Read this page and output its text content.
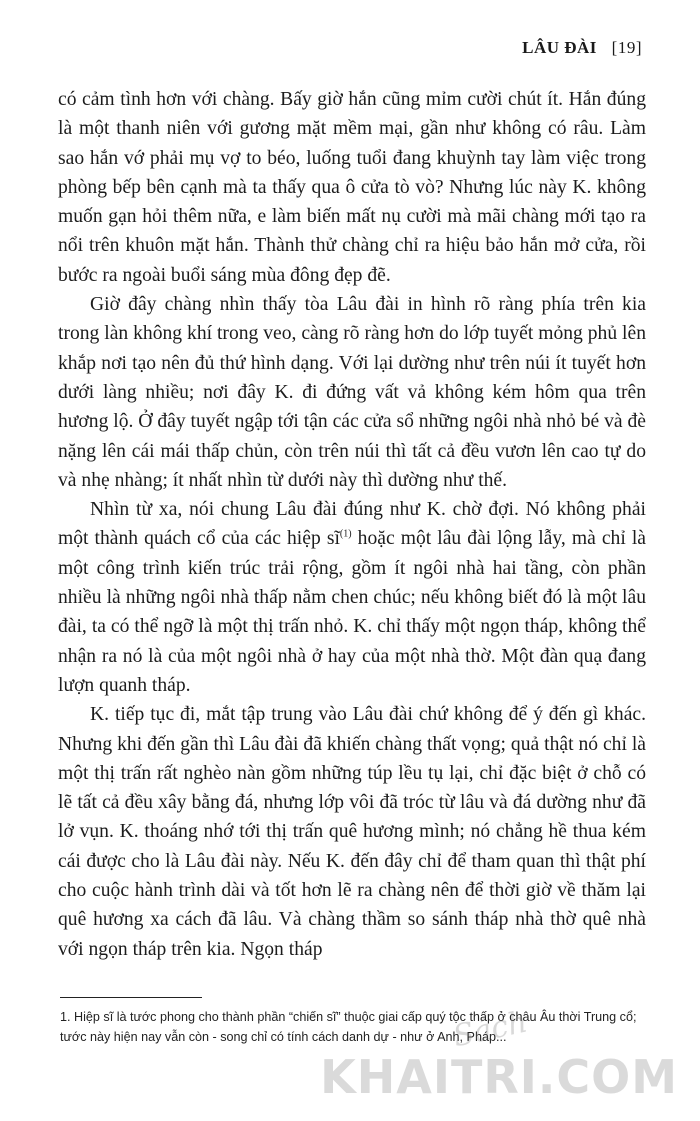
LÂU ĐÀI [19]

có cảm tình hơn với chàng. Bấy giờ hắn cũng mỉm cười chút ít. Hắn đúng là một thanh niên với gương mặt mềm mại, gần như không có râu. Làm sao hắn vớ phải mụ vợ to béo, luống tuổi đang khuỳnh tay làm việc trong phòng bếp bên cạnh mà ta thấy qua ô cửa tò vò? Nhưng lúc này K. không muốn gạn hỏi thêm nữa, e làm biến mất nụ cười mà mãi chàng mới tạo ra nổi trên khuôn mặt hắn. Thành thử chàng chỉ ra hiệu bảo hắn mở cửa, rồi bước ra ngoài buổi sáng mùa đông đẹp đẽ.

Giờ đây chàng nhìn thấy tòa Lâu đài in hình rõ ràng phía trên kia trong làn không khí trong veo, càng rõ ràng hơn do lớp tuyết mỏng phủ lên khắp nơi tạo nên đủ thứ hình dạng. Với lại dường như trên núi ít tuyết hơn dưới làng nhiều; nơi đây K. đi đứng vất vả không kém hôm qua trên hương lộ. Ở đây tuyết ngập tới tận các cửa sổ những ngôi nhà nhỏ bé và đè nặng lên cái mái thấp chủn, còn trên núi thì tất cả đều vươn lên cao tự do và nhẹ nhàng; ít nhất nhìn từ dưới này thì dường như thế.

Nhìn từ xa, nói chung Lâu đài đúng như K. chờ đợi. Nó không phải một thành quách cổ của các hiệp $sĩ^{(1)}$ hoặc một lâu đài lộng lẫy, mà chỉ là một công trình kiến trúc trải rộng, gồm ít ngôi nhà hai tầng, còn phần nhiều là những ngôi nhà thấp nằm chen chúc; nếu không biết đó là một lâu đài, ta có thể ngỡ là một thị trấn nhỏ. K. chỉ thấy một ngọn tháp, không thể nhận ra nó là của một ngôi nhà ở hay của một nhà thờ. Một đàn quạ đang lượn quanh tháp.

K. tiếp tục đi, mắt tập trung vào Lâu đài chứ không để ý đến gì khác. Nhưng khi đến gần thì Lâu đài đã khiến chàng thất vọng; quả thật nó chỉ là một thị trấn rất nghèo nàn gồm những túp lều tụ lại, chỉ đặc biệt ở chỗ có lẽ tất cả đều xây bằng đá, nhưng lớp vôi đã tróc từ lâu và đá dường như đã lở vụn. K. thoáng nhớ tới thị trấn quê hương mình; nó chẳng hề thua kém cái được cho là Lâu đài này. Nếu K. đến đây chỉ để tham quan thì thật phí cho cuộc hành trình dài và tốt hơn lẽ ra chàng nên để thời giờ về thăm lại quê hương xa cách đã lâu. Và chàng thầm so sánh tháp nhà thờ quê nhà với ngọn tháp trên kia. Ngọn tháp

1. Hiệp sĩ là tước phong cho thành phần “chiến sĩ” thuộc giai cấp quý tộc thấp ở châu Âu thời Trung cổ; tước này hiện nay vẫn còn - song chỉ có tính cách danh dự - như ở Anh, Pháp...
Sách
KHAITRI.COM
